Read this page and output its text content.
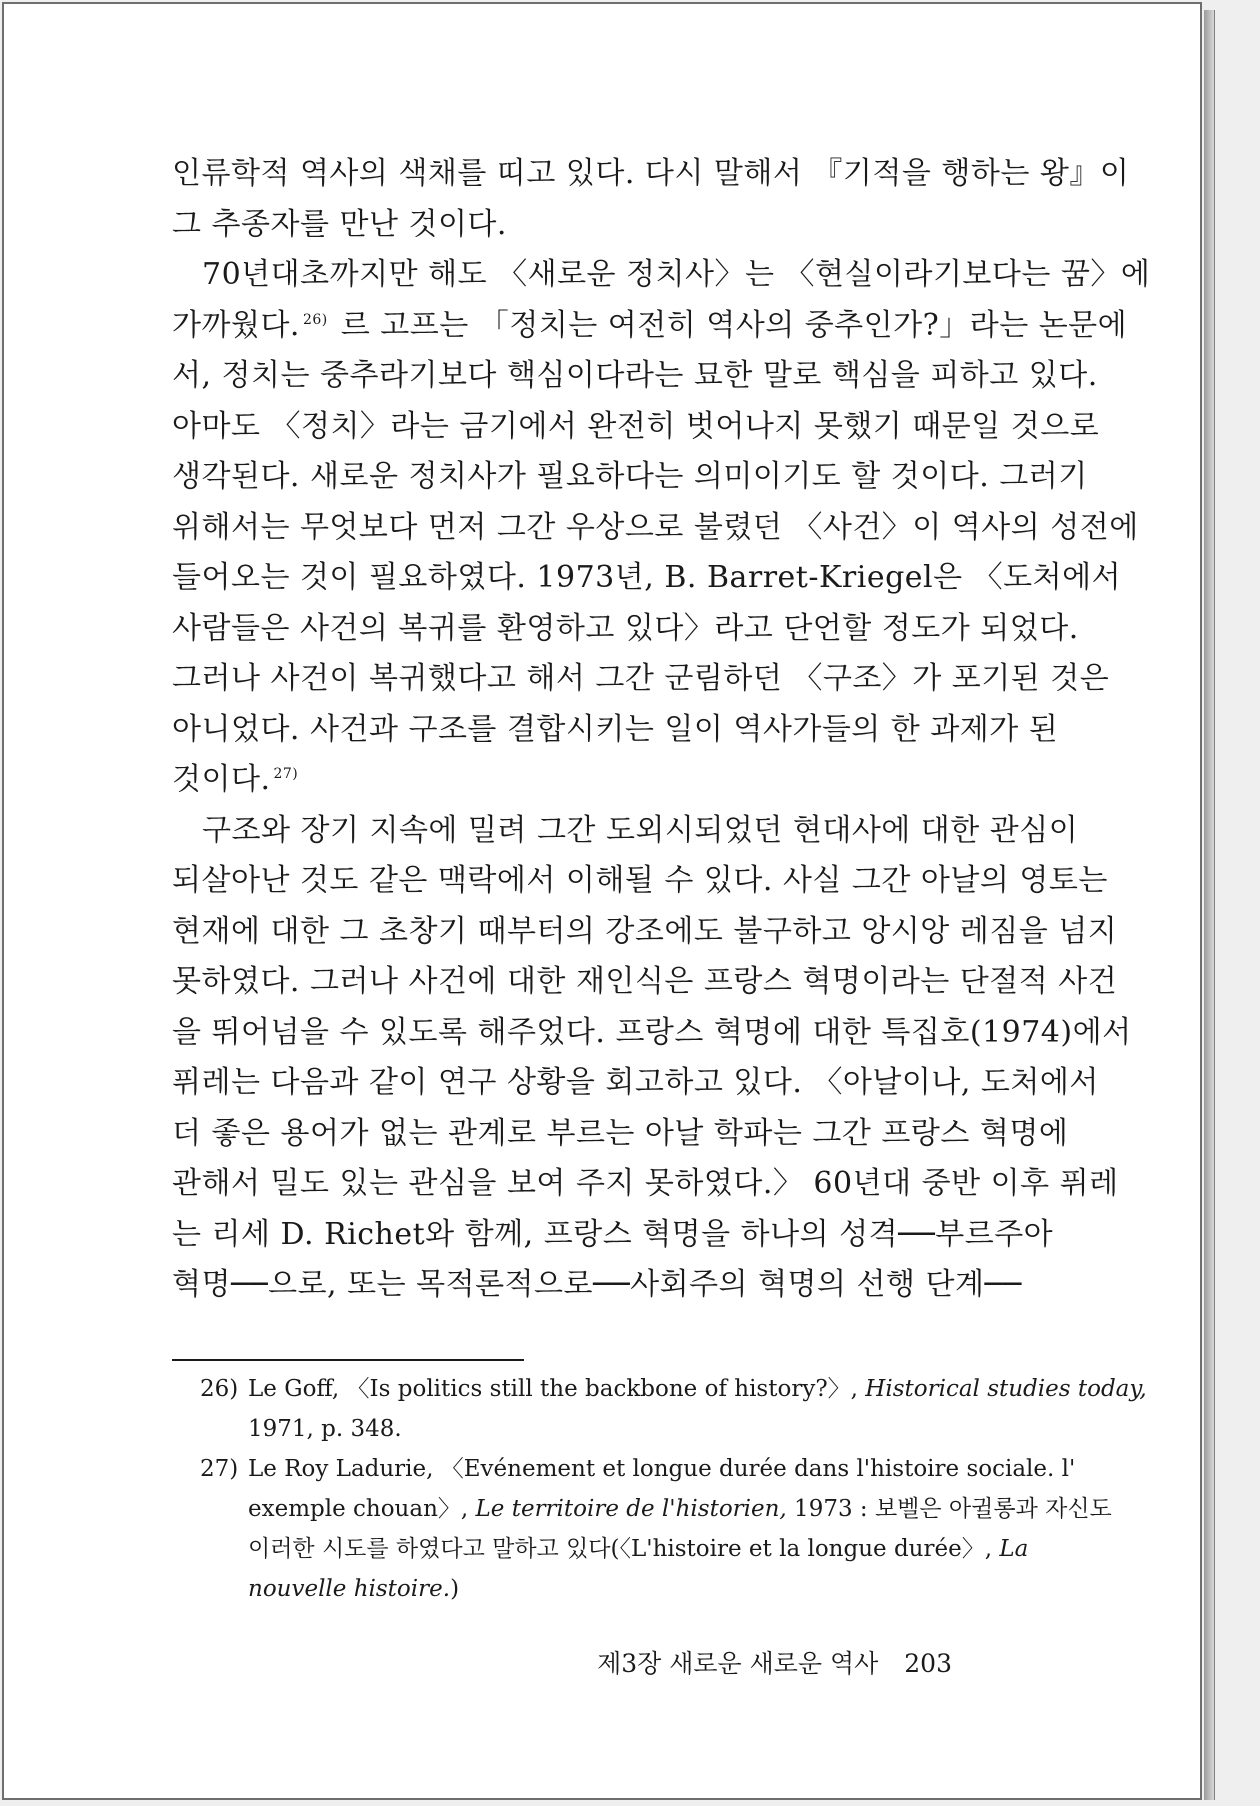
인류학적 역사의 색채를 띠고 있다. 다시 말해서 『기적을 행하는 왕』이
그 추종자를 만난 것이다.
70년대초까지만 해도 〈새로운 정치사〉는 〈현실이라기보다는 꿈〉에
가까웠다. $^{26)}$ 르 고프는 「정치는 여전히 역사의 중추인가?」라는 논문에
서, 정치는 중추라기보다 핵심이다라는 묘한 말로 핵심을 피하고 있다.
아마도 〈정치〉라는 금기에서 완전히 벗어나지 못했기 때문일 것으로
생각된다. 새로운 정치사가 필요하다는 의미이기도 할 것이다. 그러기
위해서는 무엇보다 먼저 그간 우상으로 불렸던 〈사건〉이 역사의 성전에
들어오는 것이 필요하였다. 1973년, B. Barret-Kriegel은 〈도처에서
사람들은 사건의 복귀를 환영하고 있다〉라고 단언할 정도가 되었다.
그러나 사건이 복귀했다고 해서 그간 군림하던 〈구조〉가 포기된 것은
아니었다. 사건과 구조를 결합시키는 일이 역사가들의 한 과제가 된
것이다. $^{27)}$
구조와 장기 지속에 밀려 그간 도외시되었던 현대사에 대한 관심이
되살아난 것도 같은 맥락에서 이해될 수 있다. 사실 그간 아날의 영토는
현재에 대한 그 초창기 때부터의 강조에도 불구하고 앙시앙 레짐을 넘지
못하였다. 그러나 사건에 대한 재인식은 프랑스 혁명이라는 단절적 사건
을 뛰어넘을 수 있도록 해주었다. 프랑스 혁명에 대한 특집호(1974)에서
퓌레는 다음과 같이 연구 상황을 회고하고 있다. 〈아날이나, 도처에서
더 좋은 용어가 없는 관계로 부르는 아날 학파는 그간 프랑스 혁명에
관해서 밀도 있는 관심을 보여 주지 못하였다.〉 60년대 중반 이후 퓌레
는 리세 D. Richet와 함께, 프랑스 혁명을 하나의 성격──부르주아
혁명──으로, 또는 목적론적으로──사회주의 혁명의 선행 단계──
26) Le Goff, 〈Is politics still the backbone of history?〉, Historical studies today,
1971, p. 348.
27) Le Roy Ladurie, 〈Evénement et longue durée dans l'histoire sociale. l'
exemple chouan〉, Le territoire de l'historien, 1973 : 보벨은 아귈롱과 자신도
이러한 시도를 하였다고 말하고 있다(〈L'histoire et la longue durée〉, La
nouvelle histoire.)
제3장 새로운 새로운 역사 203
